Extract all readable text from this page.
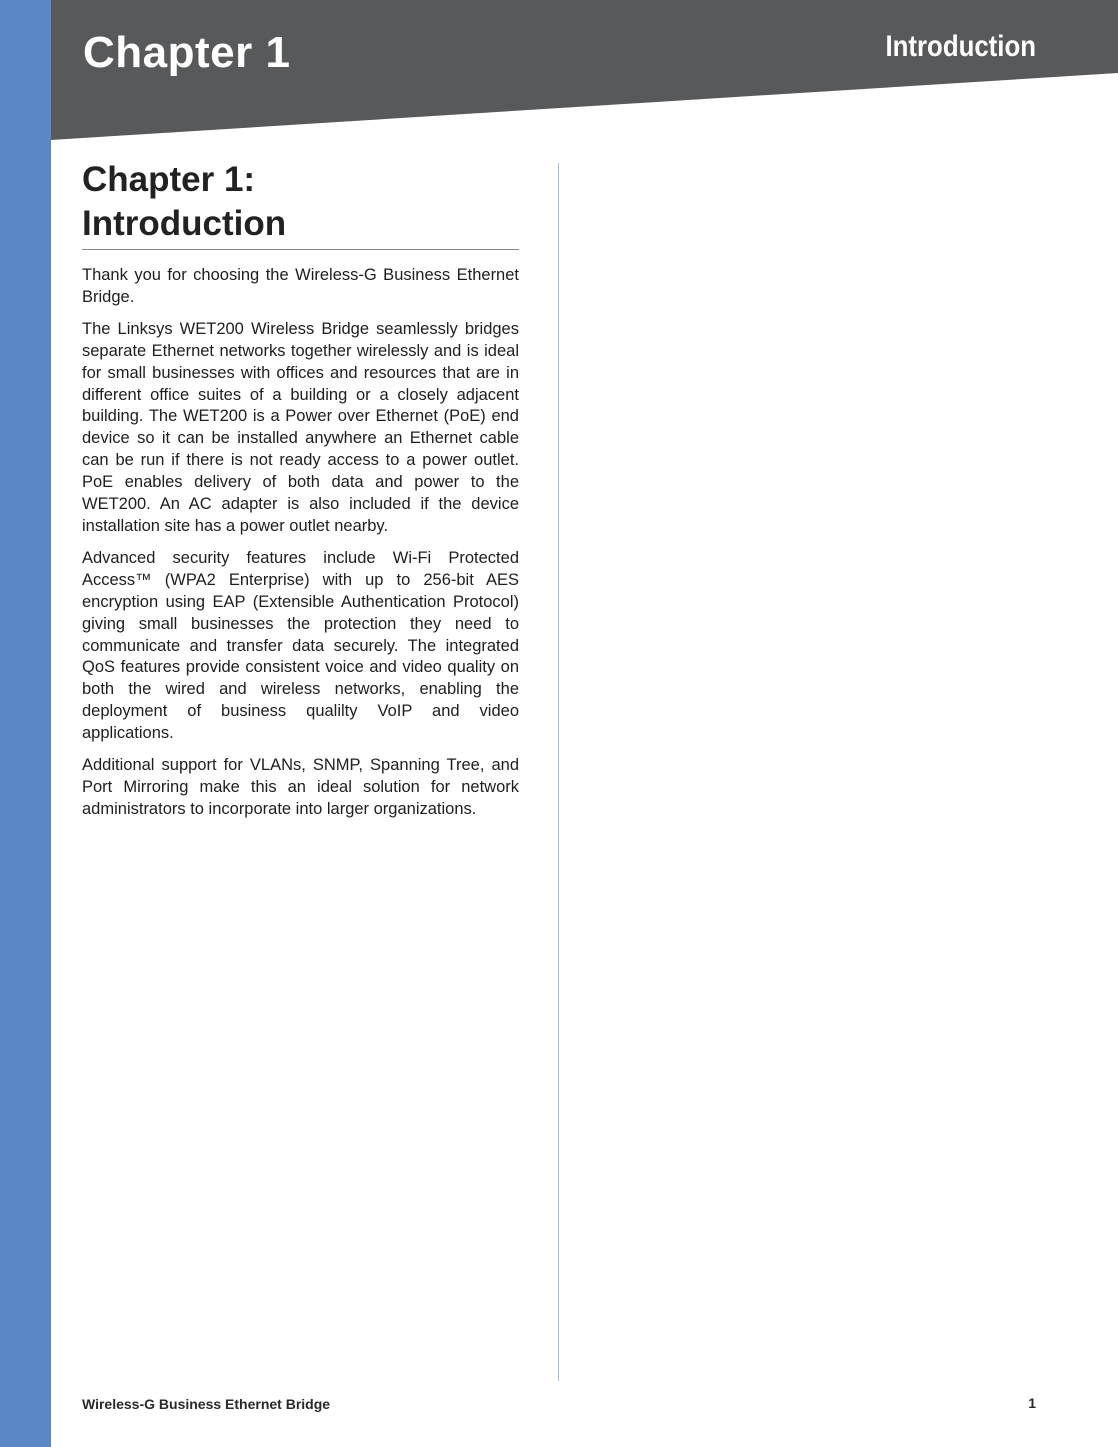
Chapter 1	Introduction
Chapter 1:
Introduction

Thank you for choosing the Wireless-G Business Ethernet Bridge.

The Linksys WET200 Wireless Bridge seamlessly bridges separate Ethernet networks together wirelessly and is ideal for small businesses with offices and resources that are in different office suites of a building or a closely adjacent building. The WET200 is a Power over Ethernet (PoE) end device so it can be installed anywhere an Ethernet cable can be run if there is not ready access to a power outlet. PoE enables delivery of both data and power to the WET200. An AC adapter is also included if the device installation site has a power outlet nearby.

Advanced security features include Wi-Fi Protected Access™ (WPA2 Enterprise) with up to 256-bit AES encryption using EAP (Extensible Authentication Protocol) giving small businesses the protection they need to communicate and transfer data securely. The integrated QoS features provide consistent voice and video quality on both the wired and wireless networks, enabling the deployment of business qualilty VoIP and video applications.

Additional support for VLANs, SNMP, Spanning Tree, and Port Mirroring make this an ideal solution for network administrators to incorporate into larger organizations.

Wireless-G Business Ethernet Bridge	1
